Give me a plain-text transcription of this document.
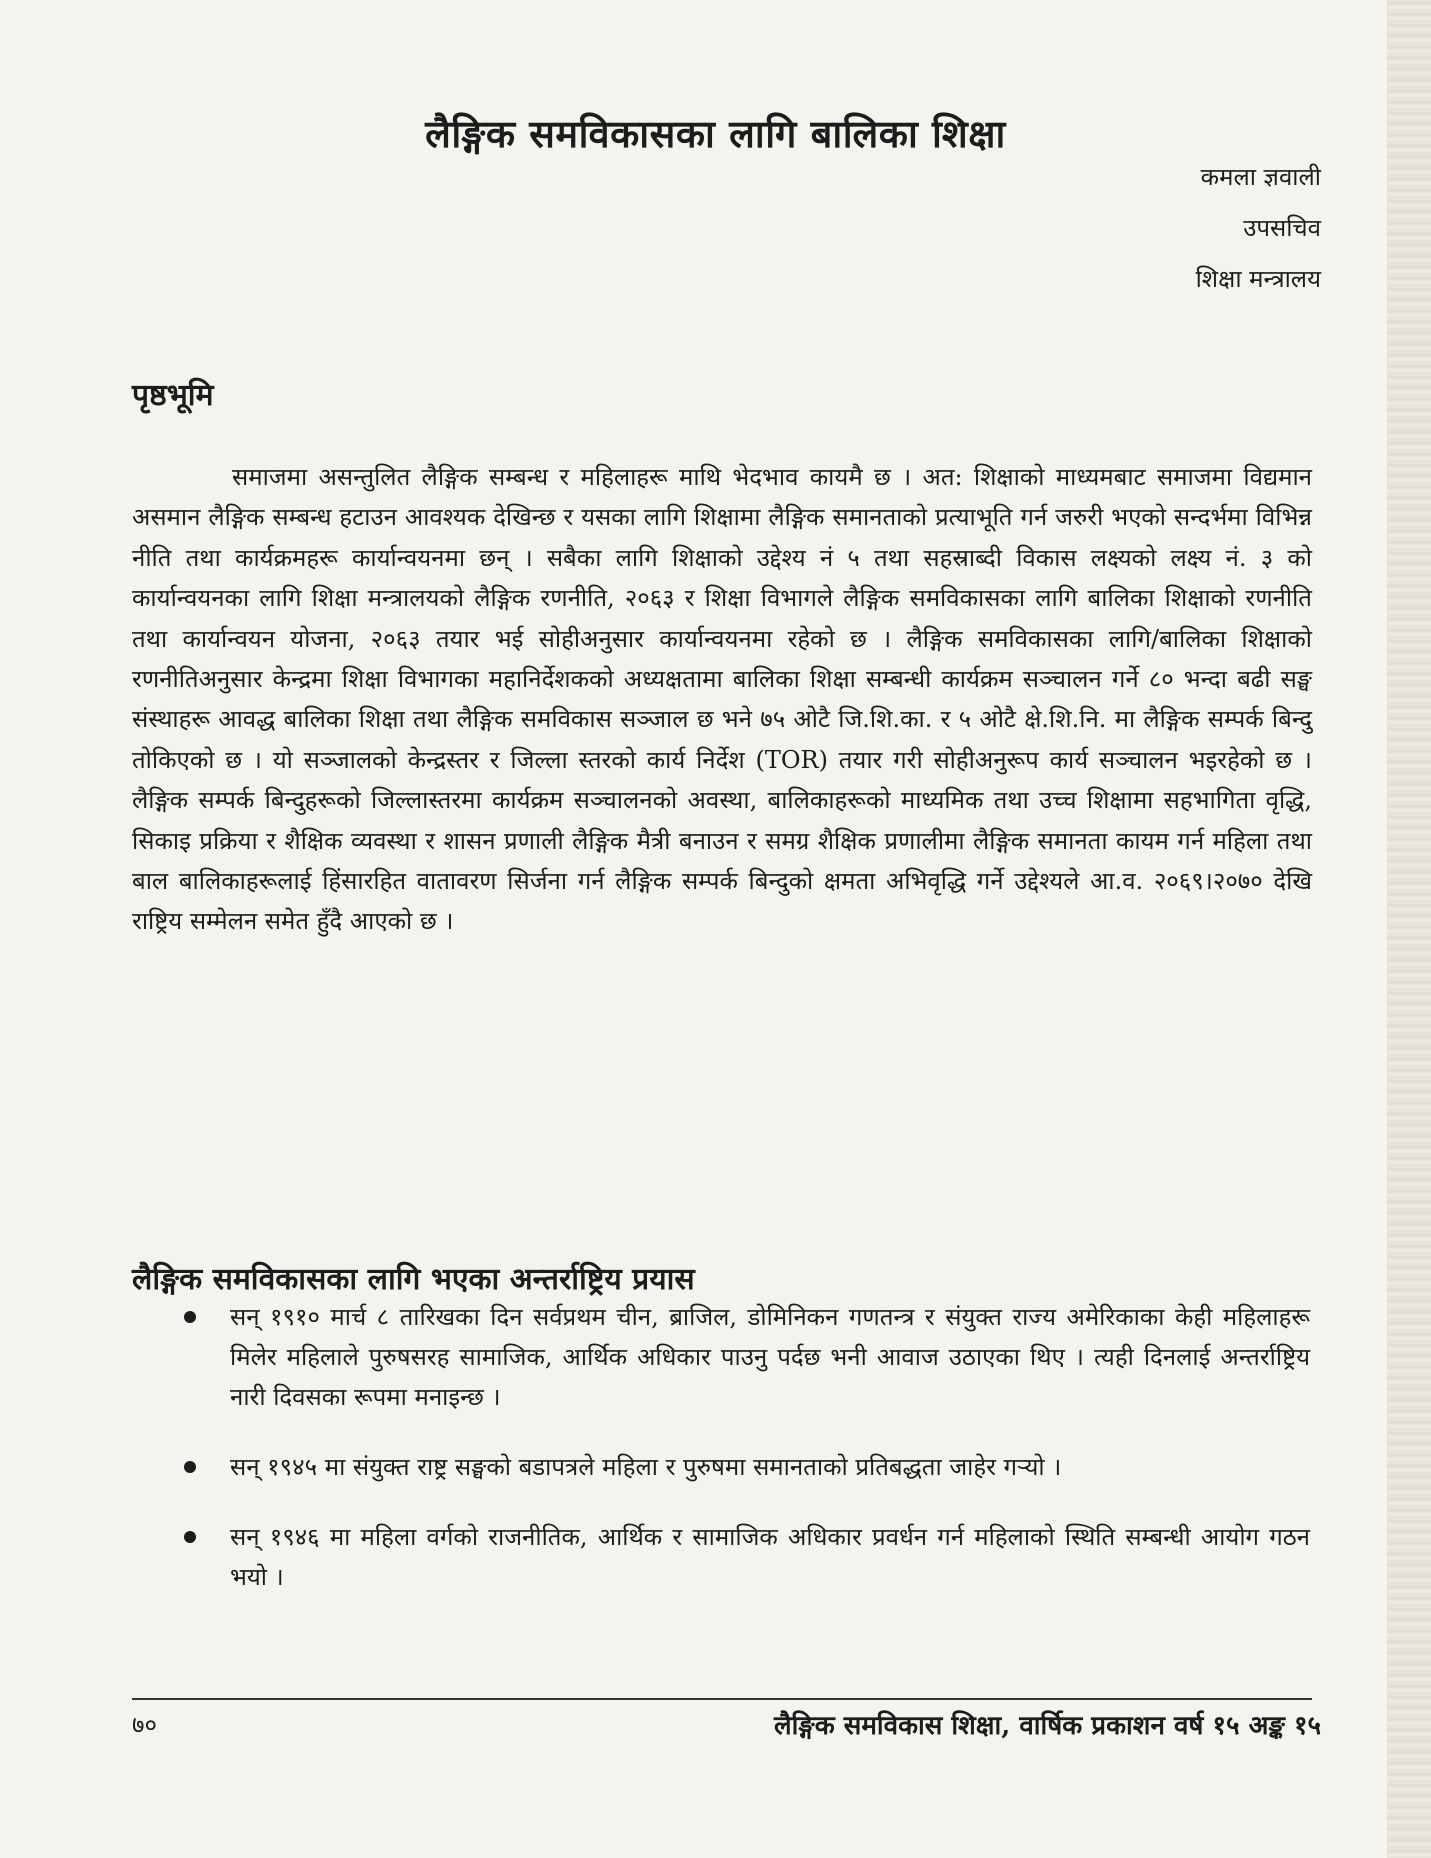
लैङ्गिक समविकासका लागि बालिका शिक्षा
कमला ज्ञवाली
उपसचिव
शिक्षा मन्त्रालय
पृष्ठभूमि

समाजमा असन्तुलित लैङ्गिक सम्बन्ध र महिलाहरू माथि भेदभाव कायमै छ । अत: शिक्षाको माध्यमबाट समाजमा विद्यमान असमान लैङ्गिक सम्बन्ध हटाउन आवश्यक देखिन्छ र यसका लागि शिक्षामा लैङ्गिक समानताको प्रत्याभूति गर्न जरुरी भएको सन्दर्भमा विभिन्न नीति तथा कार्यक्रमहरू कार्यान्वयनमा छन् । सबैका लागि शिक्षाको उद्देश्य नं ५ तथा सहस्राब्दी विकास लक्ष्यको लक्ष्य नं. ३ को कार्यान्वयनका लागि शिक्षा मन्त्रालयको लैङ्गिक रणनीति, २०६३ र शिक्षा विभागले लैङ्गिक समविकासका लागि बालिका शिक्षाको रणनीति तथा कार्यान्वयन योजना, २०६३ तयार भई सोहीअनुसार कार्यान्वयनमा रहेको छ । लैङ्गिक समविकासका लागि/बालिका शिक्षाको रणनीतिअनुसार केन्द्रमा शिक्षा विभागका महानिर्देशकको अध्यक्षतामा बालिका शिक्षा सम्बन्धी कार्यक्रम सञ्चालन गर्ने ८० भन्दा बढी सङ्घ संस्थाहरू आवद्ध बालिका शिक्षा तथा लैङ्गिक समविकास सञ्जाल छ भने ७५ ओटै जि.शि.का. र ५ ओटै क्षे.शि.नि. मा लैङ्गिक सम्पर्क बिन्दु तोकिएको छ । यो सञ्जालको केन्द्रस्तर र जिल्ला स्तरको कार्य निर्देश (TOR) तयार गरी सोहीअनुरूप कार्य सञ्चालन भइरहेको छ । लैङ्गिक सम्पर्क बिन्दुहरूको जिल्लास्तरमा कार्यक्रम सञ्चालनको अवस्था, बालिकाहरूको माध्यमिक तथा उच्च शिक्षामा सहभागिता वृद्धि, सिकाइ प्रक्रिया र शैक्षिक व्यवस्था र शासन प्रणाली लैङ्गिक मैत्री बनाउन र समग्र शैक्षिक प्रणालीमा लैङ्गिक समानता कायम गर्न महिला तथा बाल बालिकाहरूलाई हिंसारहित वातावरण सिर्जना गर्न लैङ्गिक सम्पर्क बिन्दुको क्षमता अभिवृद्धि गर्ने उद्देश्यले आ.व. २०६९।२०७० देखि राष्ट्रिय सम्मेलन समेत हुँदै आएको छ ।

लैङ्गिक समविकासका लागि भएका अन्तर्राष्ट्रिय प्रयास
सन् १९१० मार्च ८ तारिखका दिन सर्वप्रथम चीन, ब्राजिल, डोमिनिकन गणतन्त्र र संयुक्त राज्य अमेरिकाका केही महिलाहरू मिलेर महिलाले पुरुषसरह सामाजिक, आर्थिक अधिकार पाउनु पर्दछ भनी आवाज उठाएका थिए । त्यही दिनलाई अन्तर्राष्ट्रिय नारी दिवसका रूपमा मनाइन्छ ।
सन् १९४५ मा संयुक्त राष्ट्र सङ्घको बडापत्रले महिला र पुरुषमा समानताको प्रतिबद्धता जाहेर गऱ्यो ।
सन् १९४६ मा महिला वर्गको राजनीतिक, आर्थिक र सामाजिक अधिकार प्रवर्धन गर्न महिलाको स्थिति सम्बन्धी आयोग गठन भयो ।
७०	लैङ्गिक समविकास शिक्षा, वार्षिक प्रकाशन वर्ष १५ अङ्क १५
